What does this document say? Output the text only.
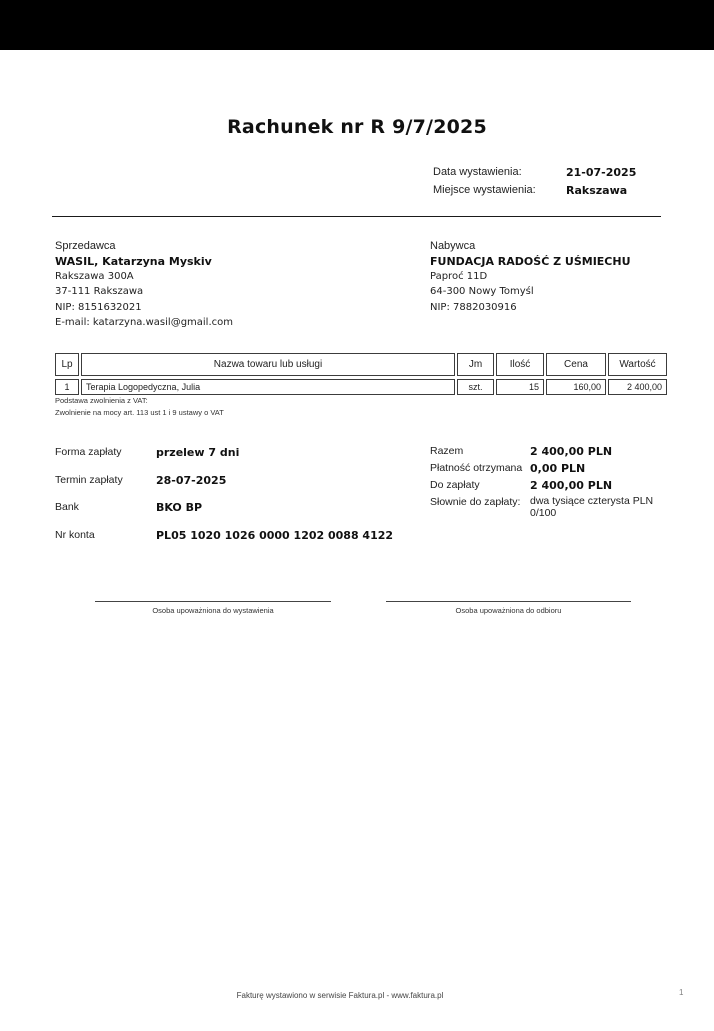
Rachunek nr R 9/7/2025
Data wystawienia:	21-07-2025
Miejsce wystawienia:	Rakszawa
Sprzedawca
WASIL, Katarzyna Myskiv
Rakszawa 300A
37-111 Rakszawa
NIP: 8151632021
E-mail: katarzyna.wasil@gmail.com
Nabywca
FUNDACJA RADOŚĆ Z UŚMIECHU
Paproć 11D
64-300 Nowy Tomyśl
NIP: 7882030916
Lp	Nazwa towaru lub usługi	Jm	Ilość	Cena	Wartość
1	Terapia Logopedyczna, Julia	szt.	15	160,00	2 400,00
Podstawa zwolnienia z VAT:
Zwolnienie na mocy art. 113 ust 1 i 9 ustawy o VAT
Forma zapłaty	przelew 7 dni
Termin zapłaty	28-07-2025
Bank	BKO BP
Nr konta	PL05 1020 1026 0000 1202 0088 4122
Razem	2 400,00 PLN
Płatność otrzymana 0,00 PLN
Do zapłaty	2 400,00 PLN
Słownie do zapłaty: dwa tysiące czterysta PLN
0/100
Osoba upoważniona do wystawienia	Osoba upoważniona do odbioru
Fakturę wystawiono w serwisie Faktura.pl - www.faktura.pl	1
